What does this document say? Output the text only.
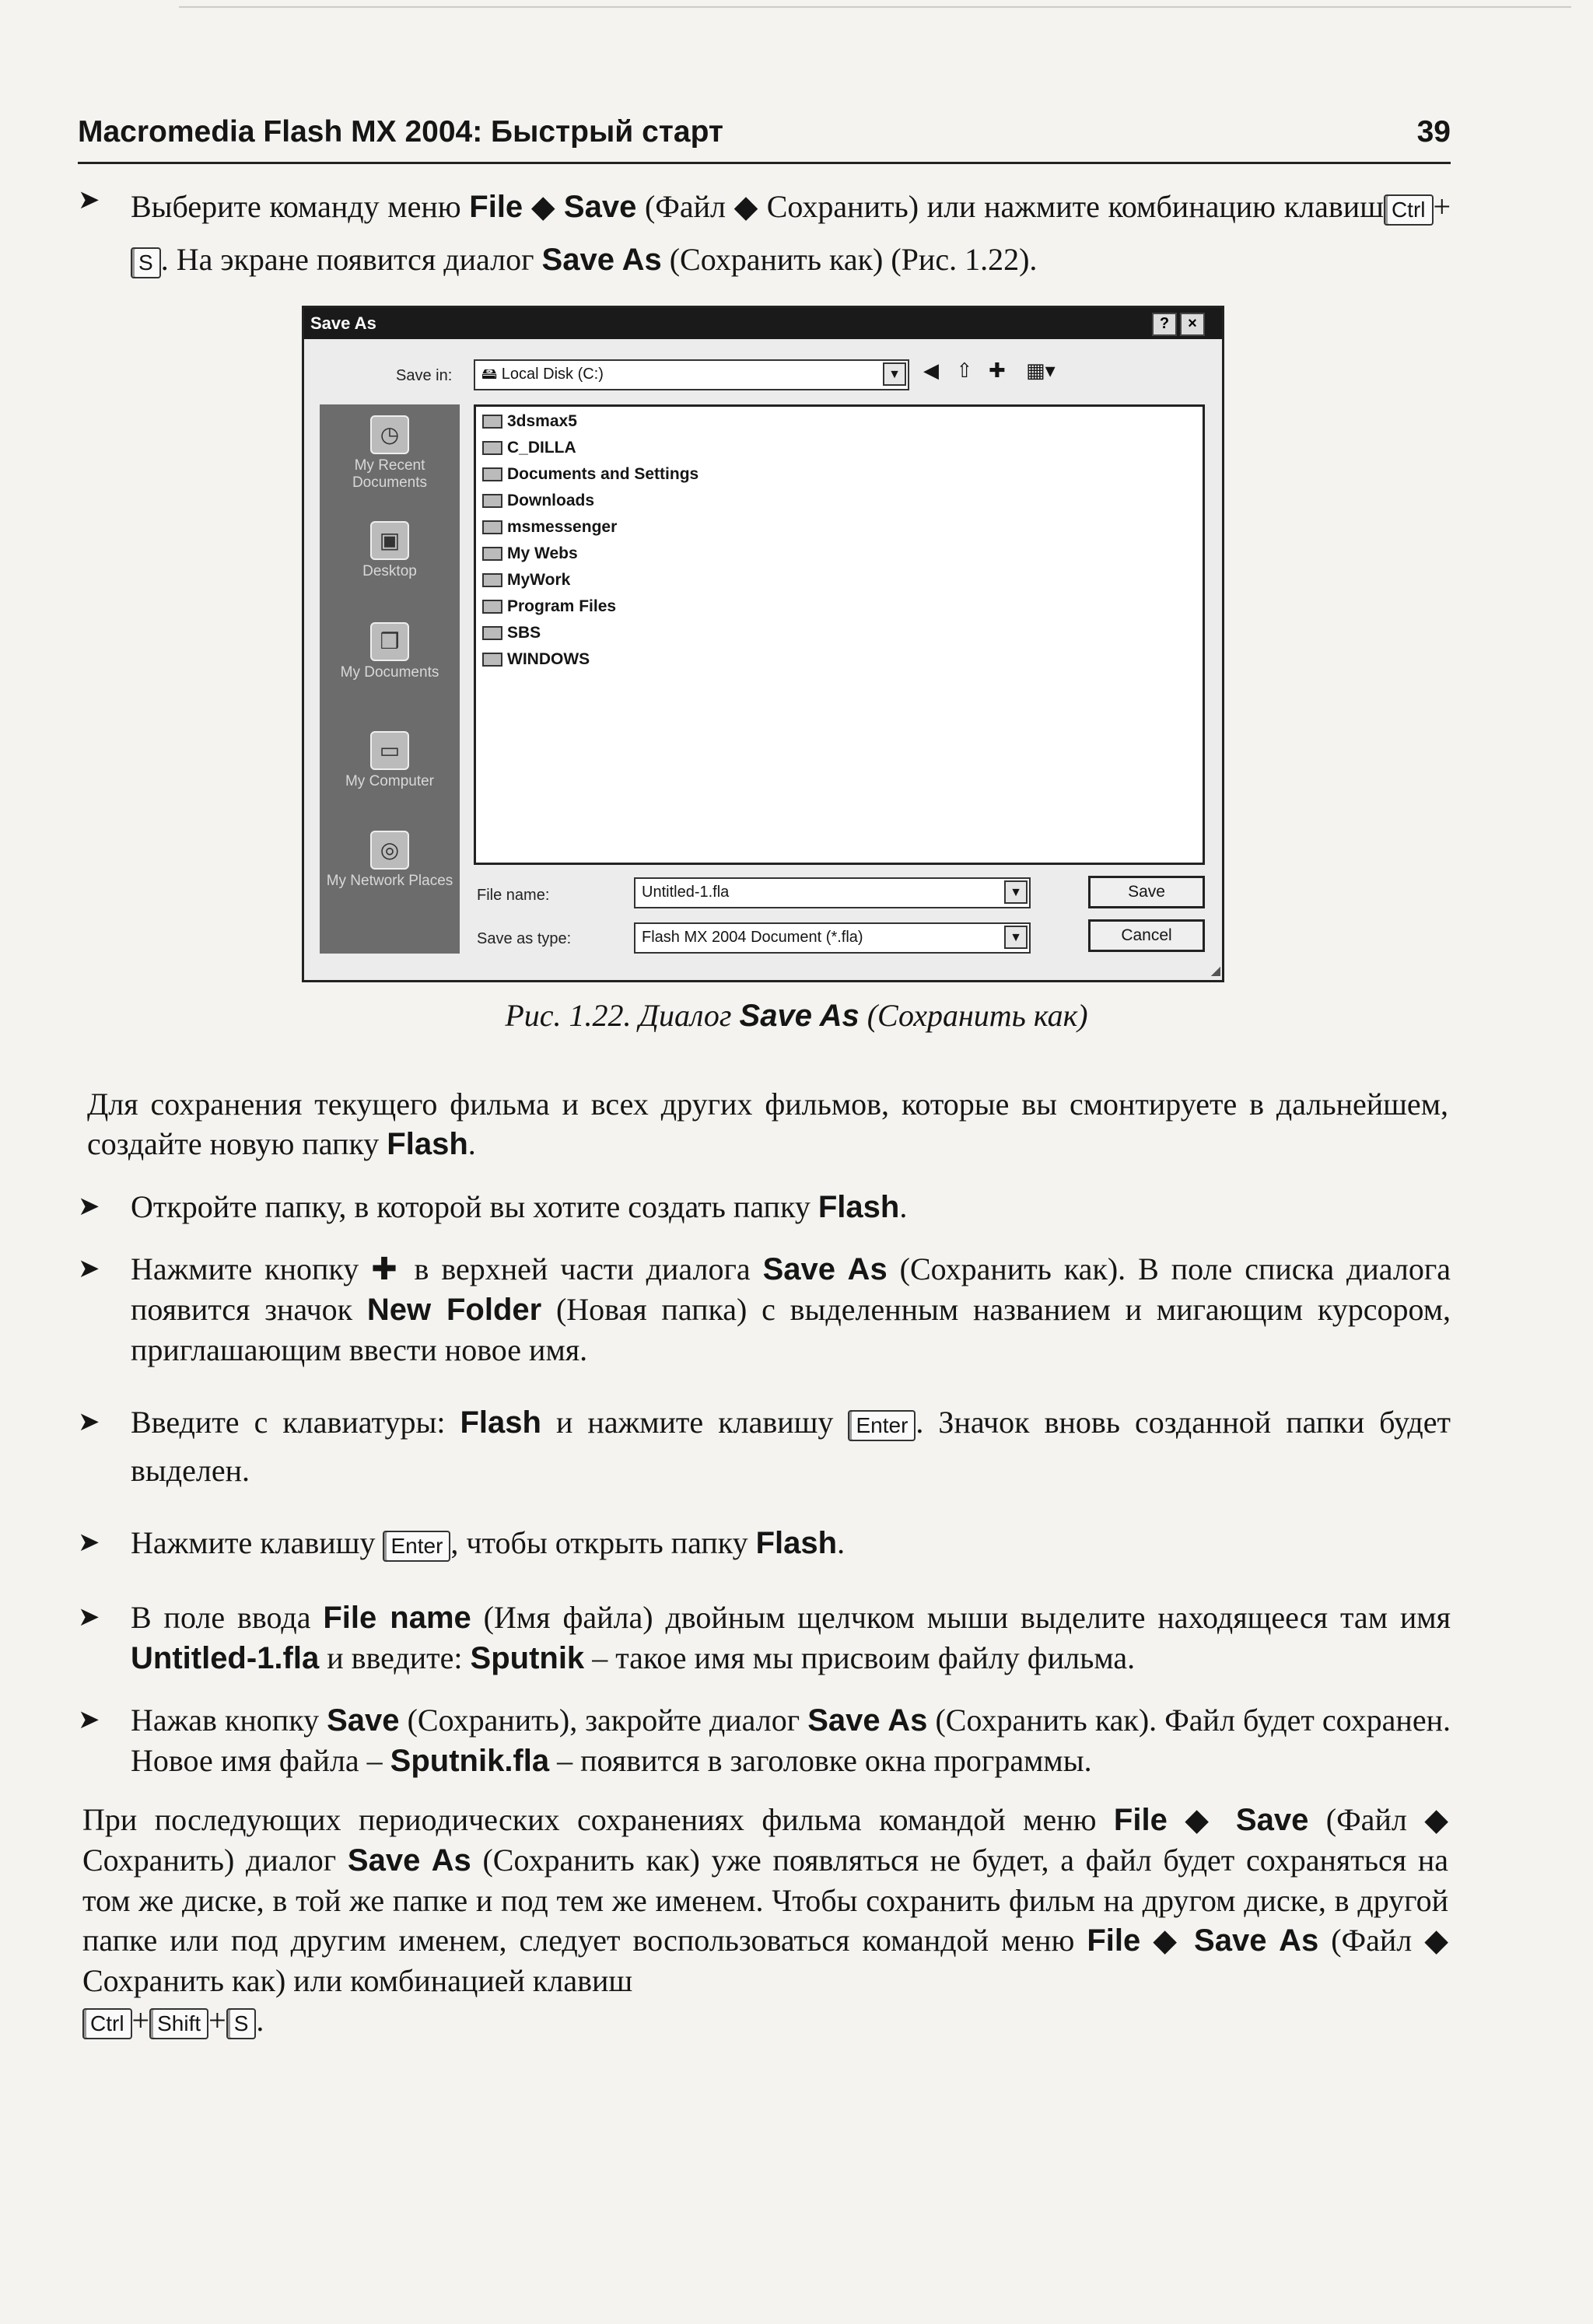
Macromedia Flash MX 2004: Быстрый старт	39
➤ Выберите команду меню File ◆ Save (Файл ◆ Сохранить) или нажмите комбинацию клавиш Ctrl +S . На экране появится диалог Save As (Сохранить как) (Рис. 1.22).
Save As	?	×
Save in:	🖴 Local Disk (C:)	▼ ◀ ⇧ ✚ ▦▾
◷
My Recent Documents
▣
Desktop
❒
My Documents
▭
My Computer
◎
My Network Places
3dsmax5
C_DILLA
Documents and Settings
Downloads
msmessenger
My Webs
MyWork
Program Files
SBS
WINDOWS
File name:	Untitled-1.fla	▼
Save as type:	Flash MX 2004 Document (*.fla)	▼
Save
Cancel
◢
Рис. 1.22. Диалог Save As (Сохранить как)
Для сохранения текущего фильма и всех других фильмов, которые вы смонтируете в дальнейшем, создайте новую папку Flash.
➤ Откройте папку, в которой вы хотите создать папку Flash.
➤ Нажмите кнопку ✚ в верхней части диалога Save As (Сохранить как). В поле списка диалога появится значок New Folder (Новая папка) с выделенным названием и мигающим курсором, приглашающим ввести новое имя.
➤ Введите с клавиатуры: Flash и нажмите клавишу Enter . Значок вновь созданной папки будет выделен.
➤ Нажмите клавишу Enter , чтобы открыть папку Flash.
➤ В поле ввода File name (Имя файла) двойным щелчком мыши выделите находящееся там имя Untitled-1.fla и введите: Sputnik – такое имя мы присвоим файлу фильма.
➤ Нажав кнопку Save (Сохранить), закройте диалог Save As (Сохранить как). Файл будет сохранен. Новое имя файла – Sputnik.fla – появится в заголовке окна программы.
При последующих периодических сохранениях фильма командой меню File ◆ Save (Файл ◆ Сохранить) диалог Save As (Сохранить как) уже появляться не будет, а файл будет сохраняться на том же диске, в той же папке и под тем же именем. Чтобы сохранить фильм на другом диске, в другой папке или под другим именем, следует воспользоваться командой меню File ◆ Save As (Файл ◆ Сохранить как) или комбинацией клавиш
Ctrl + Shift + S .
